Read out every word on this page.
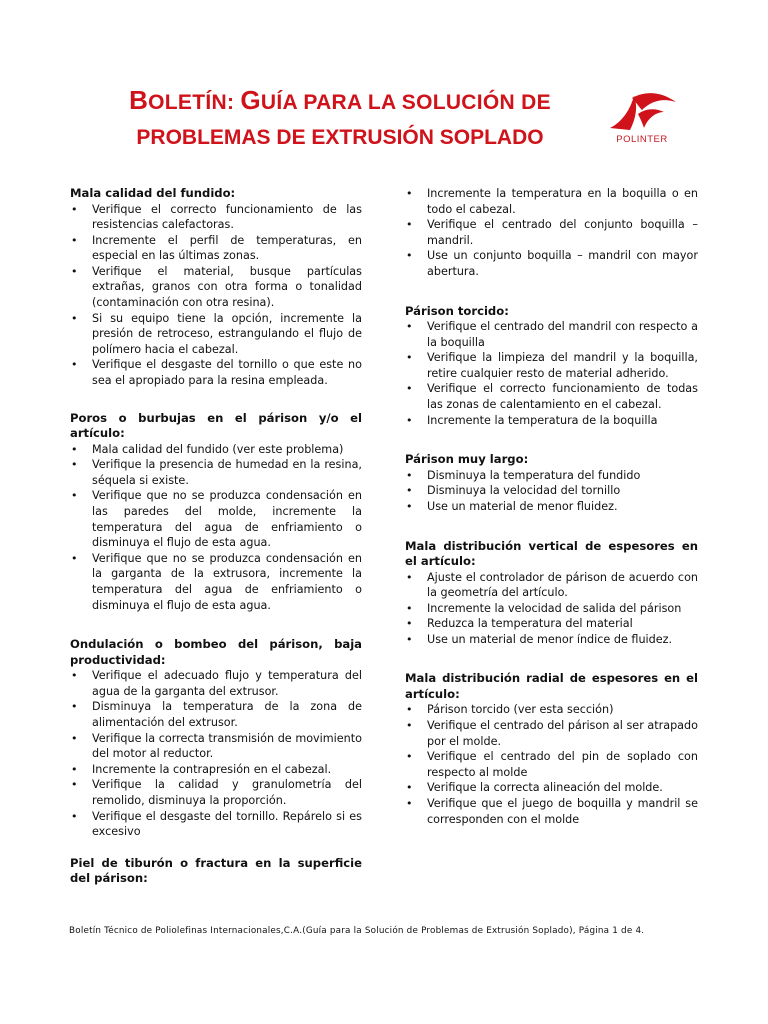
BOLETÍN: GUÍA PARA LA SOLUCIÓN DE
PROBLEMAS DE EXTRUSIÓN SOPLADO	POLINTER
Mala calidad del fundido:
• Verifique el correcto funcionamiento de las resistencias calefactoras.
• Incremente el perfil de temperaturas, en especial en las últimas zonas.
• Verifique el material, busque partículas extrañas, granos con otra forma o tonalidad (contaminación con otra resina).
• Si su equipo tiene la opción, incremente la presión de retroceso, estrangulando el flujo de polímero hacia el cabezal.
• Verifique el desgaste del tornillo o que este no sea el apropiado para la resina empleada.
Poros o burbujas en el párison y/o el artículo:
• Mala calidad del fundido (ver este problema)
• Verifique la presencia de humedad en la resina, séquela si existe.
• Verifique que no se produzca condensación en las paredes del molde, incremente la temperatura del agua de enfriamiento o disminuya el flujo de esta agua.
• Verifique que no se produzca condensación en la garganta de la extrusora, incremente la temperatura del agua de enfriamiento o disminuya el flujo de esta agua.
Ondulación o bombeo del párison, baja productividad:
• Verifique el adecuado flujo y temperatura del agua de la garganta del extrusor.
• Disminuya la temperatura de la zona de alimentación del extrusor.
• Verifique la correcta transmisión de movimiento del motor al reductor.
• Incremente la contrapresión en el cabezal.
• Verifique la calidad y granulometría del remolido, disminuya la proporción.
• Verifique el desgaste del tornillo. Repárelo si es excesivo
Piel de tiburón o fractura en la superficie del párison:
• Incremente la temperatura en la boquilla o en todo el cabezal.
• Verifique el centrado del conjunto boquilla – mandril.
• Use un conjunto boquilla – mandril con mayor abertura.
Párison torcido:
• Verifique el centrado del mandril con respecto a la boquilla
• Verifique la limpieza del mandril y la boquilla, retire cualquier resto de material adherido.
• Verifique el correcto funcionamiento de todas las zonas de calentamiento en el cabezal.
• Incremente la temperatura de la boquilla
Párison muy largo:
• Disminuya la temperatura del fundido
• Disminuya la velocidad del tornillo
• Use un material de menor fluidez.
Mala distribución vertical de espesores en el artículo:
• Ajuste el controlador de párison de acuerdo con la geometría del artículo.
• Incremente la velocidad de salida del párison
• Reduzca la temperatura del material
• Use un material de menor índice de fluidez.
Mala distribución radial de espesores en el artículo:
• Párison torcido (ver esta sección)
• Verifique el centrado del párison al ser atrapado por el molde.
• Verifique el centrado del pin de soplado con respecto al molde
• Verifique la correcta alineación del molde.
• Verifique que el juego de boquilla y mandril se corresponden con el molde
Boletín Técnico de Poliolefinas Internacionales,C.A.(Guía para la Solución de Problemas de Extrusión Soplado), Página 1 de 4.
